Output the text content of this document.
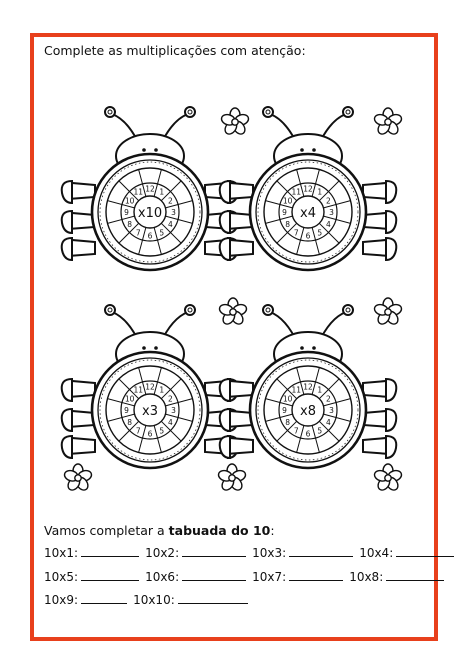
Complete as multiplicações com atenção:
12 1
2
3
4
5
6
7
8
9
10
11
x10
12 1
2
3
4
5
6
7
8
9
10
11
x4
12 1
2
3
4
5
6
7
8
9
10
11
x3
12 1
2
3
4
5
6
7
8
9
10
11
x8
Vamos completar a tabuada do 10:
10x1:	10x2:	10x3:	10x4:
10x5:	10x6:	10x7:	10x8:
10x9:	10x10:
